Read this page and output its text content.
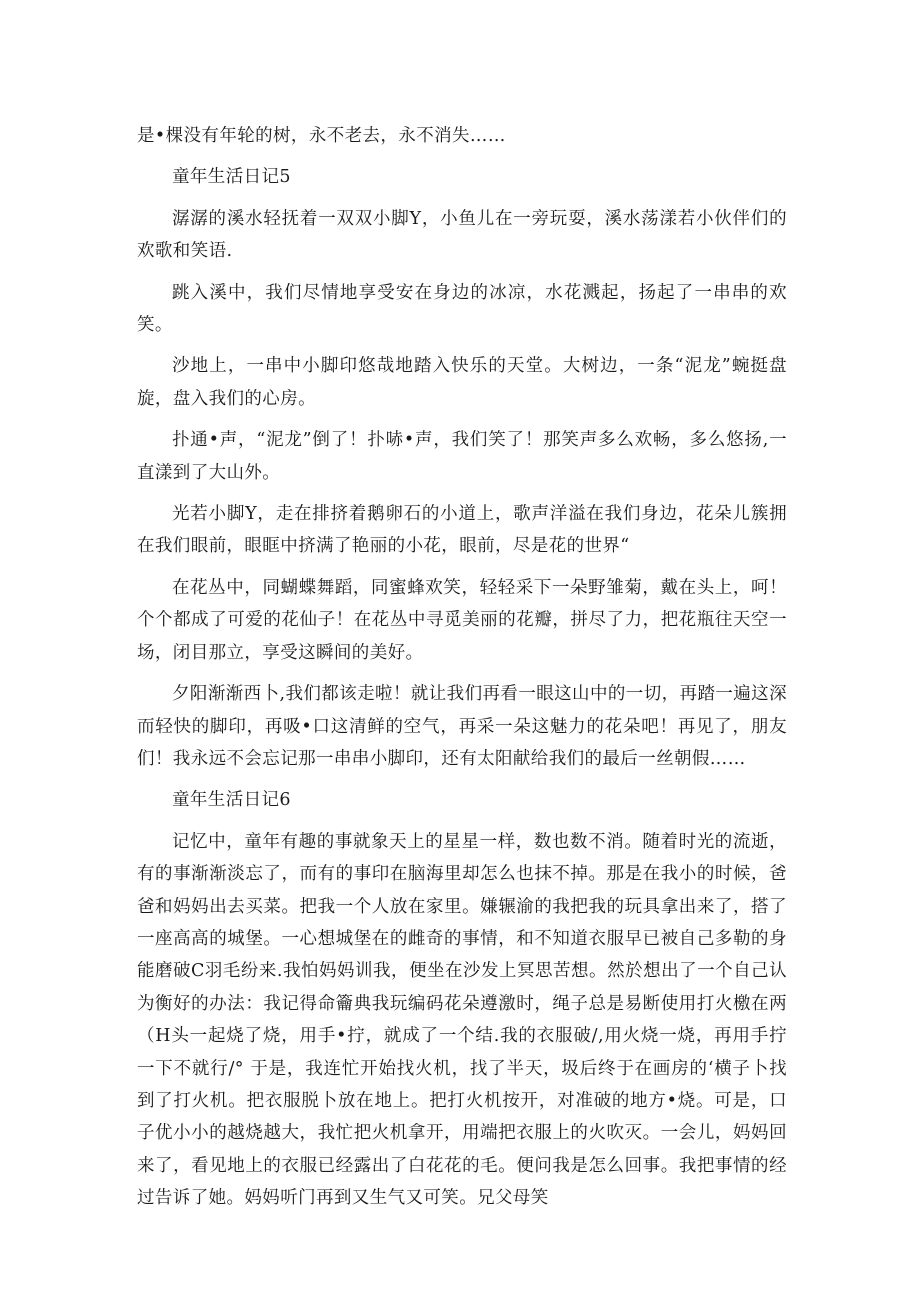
是•棵没有年轮的树，永不老去，永不消失……

童年生活日记5

潺潺的溪水轻抚着一双双小脚Y，小鱼儿在一旁玩耍，溪水荡漾若小伙伴们的欢歌和笑语.

跳入溪中，我们尽情地享受安在身边的冰凉，水花溅起，扬起了一串串的欢笑。

沙地上，一串中小脚印悠哉地踏入快乐的天堂。大树边，一条“泥龙”蜿挺盘旋，盘入我们的心房。

扑通•声，“泥龙”倒了！扑哧•声，我们笑了！那笑声多么欢畅，多么悠扬,一直漾到了大山外。

光若小脚Y，走在排挤着鹅卵石的小道上，歌声洋溢在我们身边，花朵儿簇拥在我们眼前，眼眶中挤满了艳丽的小花，眼前，尽是花的世界“

在花丛中，同蝴蝶舞蹈，同蜜蜂欢笑，轻轻采下一朵野雏菊，戴在头上，呵！个个都成了可爱的花仙子！在花丛中寻觅美丽的花瓣，拼尽了力，把花瓶往天空一场，闭目那立，享受这瞬间的美好。

夕阳渐渐西卜,我们都该走啦！就让我们再看一眼这山中的一切，再踏一遍这深而轻快的脚印，再吸•口这清鲜的空气，再采一朵这魅力的花朵吧！再见了，朋友们！我永远不会忘记那一串串小脚印，还有太阳献给我们的最后一丝朝假……

童年生活日记6

记忆中，童年有趣的事就象天上的星星一样，数也数不消。随着时光的流逝，有的事渐渐淡忘了，而有的事印在脑海里却怎么也抹不掉。那是在我小的时候，爸爸和妈妈出去买菜。把我一个人放在家里。嫌辗渝的我把我的玩具拿出来了，搭了一座高高的城堡。一心想城堡在的雌奇的事情，和不知道衣服早已被自己多勒的身能磨破C羽毛纷来.我怕妈妈训我，便坐在沙发上冥思苦想。然於想出了一个自己认为衡好的办法：我记得命籥典我玩编码花朵遵激时，绳子总是易断使用打火檄在两（H头一起烧了烧，用手•拧，就成了一个结.我的衣服破/,用火烧一烧，再用手拧一下不就行/° 于是，我连忙开始找火机，找了半天，圾后终于在画房的‘横子卜找到了打火机。把衣服脱卜放在地上。把打火机按开，对准破的地方•烧。可是，口子优小小的越烧越大，我忙把火机拿开，用端把衣服上的火吹灭。一会儿，妈妈回来了，看见地上的衣服已经露出了白花花的毛。便问我是怎么回事。我把事情的经过告诉了她。妈妈听门再到又生气又可笑。兄父母笑
